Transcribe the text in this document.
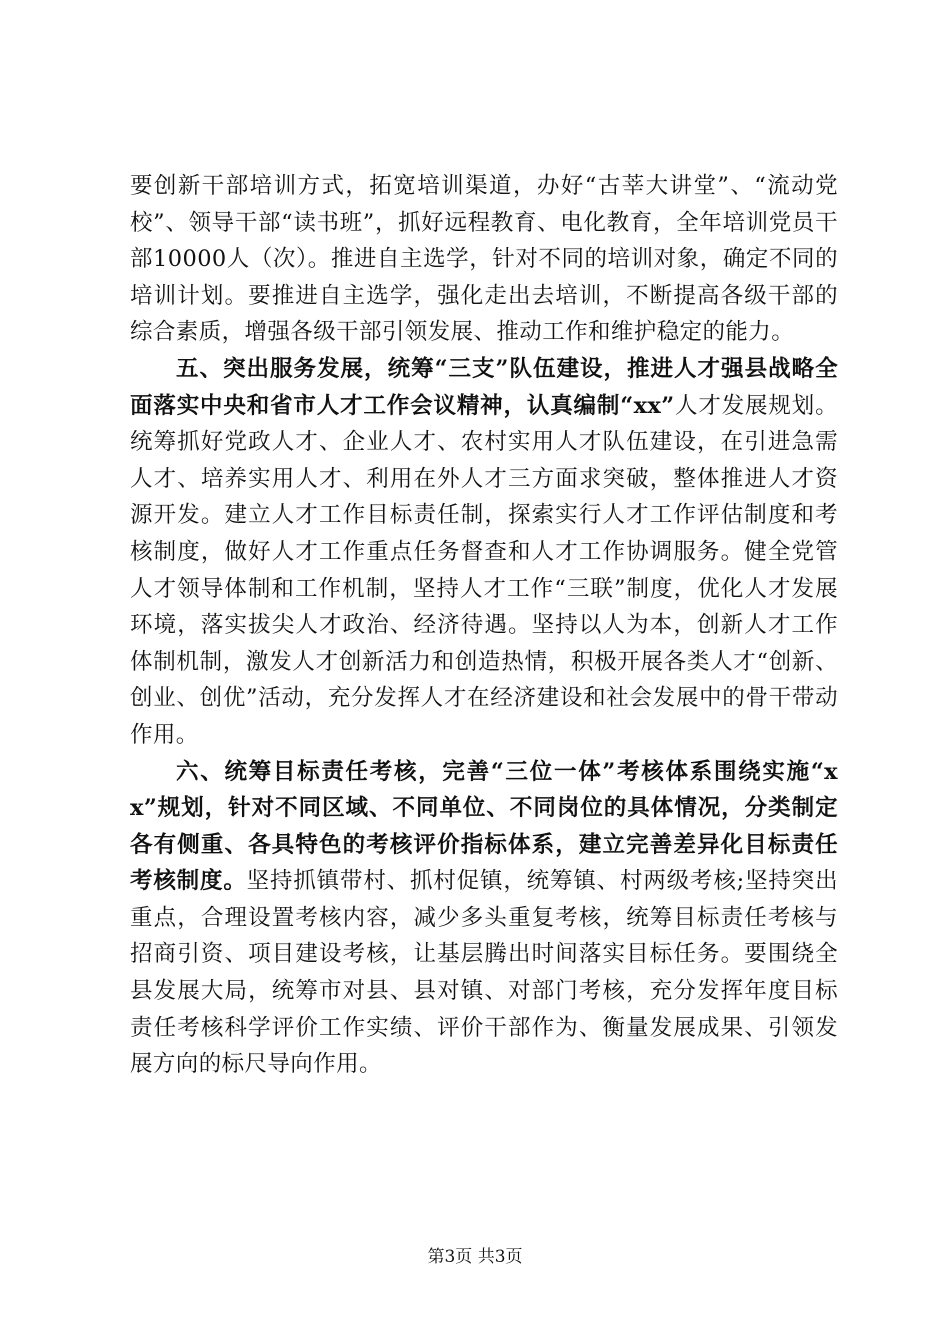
要创新干部培训方式，拓宽培训渠道，办好“古莘大讲堂”、“流动党校”、领导干部“读书班”，抓好远程教育、电化教育，全年培训党员干部10000人（次）。推进自主选学，针对不同的培训对象，确定不同的培训计划。要推进自主选学，强化走出去培训，不断提高各级干部的综合素质，增强各级干部引领发展、推动工作和维护稳定的能力。

五、突出服务发展，统筹“三支”队伍建设，推进人才强县战略全面落实中央和省市人才工作会议精神，认真编制“xx”人才发展规划。统筹抓好党政人才、企业人才、农村实用人才队伍建设，在引进急需人才、培养实用人才、利用在外人才三方面求突破，整体推进人才资源开发。建立人才工作目标责任制，探索实行人才工作评估制度和考核制度，做好人才工作重点任务督查和人才工作协调服务。健全党管人才领导体制和工作机制，坚持人才工作“三联”制度，优化人才发展环境，落实拔尖人才政治、经济待遇。坚持以人为本，创新人才工作体制机制，激发人才创新活力和创造热情，积极开展各类人才“创新、创业、创优”活动，充分发挥人才在经济建设和社会发展中的骨干带动作用。

六、统筹目标责任考核，完善“三位一体”考核体系围绕实施“xx”规划，针对不同区域、不同单位、不同岗位的具体情况，分类制定各有侧重、各具特色的考核评价指标体系，建立完善差异化目标责任考核制度。坚持抓镇带村、抓村促镇，统筹镇、村两级考核;坚持突出重点，合理设置考核内容，减少多头重复考核，统筹目标责任考核与招商引资、项目建设考核，让基层腾出时间落实目标任务。要围绕全县发展大局，统筹市对县、县对镇、对部门考核，充分发挥年度目标责任考核科学评价工作实绩、评价干部作为、衡量发展成果、引领发展方向的标尺导向作用。

第3页 共3页
